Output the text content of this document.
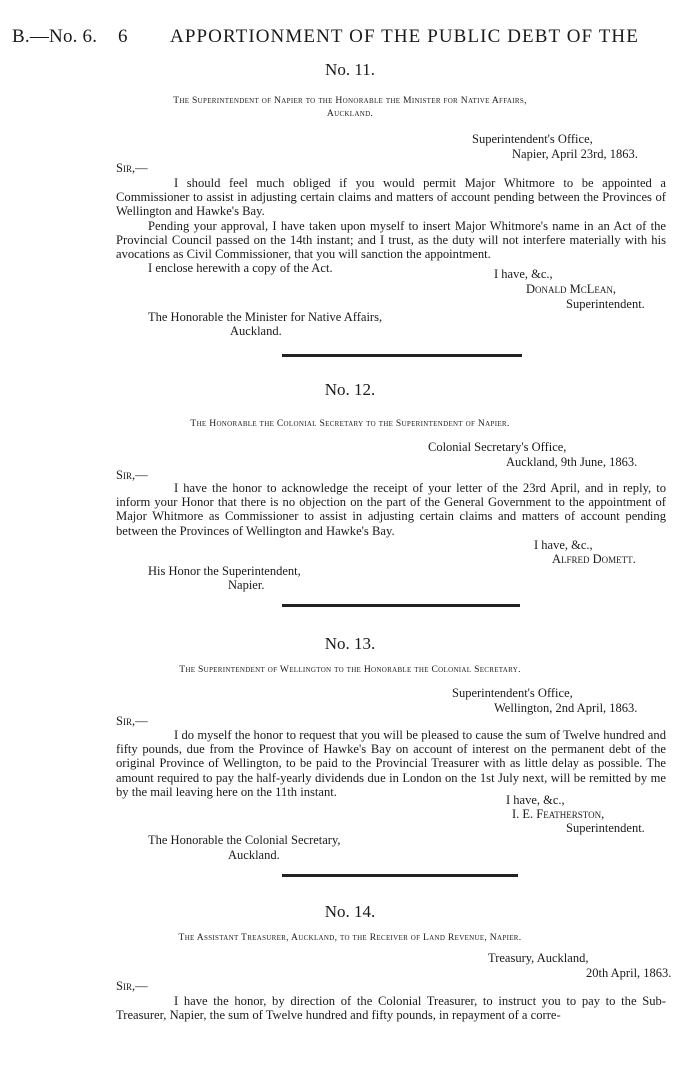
B.—No. 6. 6 APPORTIONMENT OF THE PUBLIC DEBT OF THE
No. 11.
The Superintendent of Napier to the Honorable the Minister for Native Affairs, Auckland.
Superintendent's Office,
Napier, April 23rd, 1863.
Sir,—

I should feel much obliged if you would permit Major Whitmore to be appointed a Commissioner to assist in adjusting certain claims and matters of account pending between the Provinces of Wellington and Hawke's Bay.

Pending your approval, I have taken upon myself to insert Major Whitmore's name in an Act of the Provincial Council passed on the 14th instant; and I trust, as the duty will not interfere materially with his avocations as Civil Commissioner, that you will sanction the appointment.

I enclose herewith a copy of the Act.	I have, &c.,
Donald McLean,
Superintendent.
The Honorable the Minister for Native Affairs,
Auckland.
No. 12.
The Honorable the Colonial Secretary to the Superintendent of Napier.
Colonial Secretary's Office,
Auckland, 9th June, 1863.
Sir,—

I have the honor to acknowledge the receipt of your letter of the 23rd April, and in reply, to inform your Honor that there is no objection on the part of the General Government to the appointment of Major Whitmore as Commissioner to assist in adjusting certain claims and matters of account pending between the Provinces of Wellington and Hawke's Bay.

I have, &c.,
Alfred Domett.
His Honor the Superintendent,
Napier.
No. 13.
The Superintendent of Wellington to the Honorable the Colonial Secretary.
Superintendent's Office,
Wellington, 2nd April, 1863.
Sir,—

I do myself the honor to request that you will be pleased to cause the sum of Twelve hundred and fifty pounds, due from the Province of Hawke's Bay on account of interest on the permanent debt of the original Province of Wellington, to be paid to the Provincial Treasurer with as little delay as possible. The amount required to pay the half-yearly dividends due in London on the 1st July next, will be remitted by me by the mail leaving here on the 11th instant.

I have, &c.,
I. E. Featherston,
Superintendent.
The Honorable the Colonial Secretary,
Auckland.
No. 14.
The Assistant Treasurer, Auckland, to the Receiver of Land Revenue, Napier.
Treasury, Auckland,
20th April, 1863.
Sir,—

I have the honor, by direction of the Colonial Treasurer, to instruct you to pay to the Sub-Treasurer, Napier, the sum of Twelve hundred and fifty pounds, in repayment of a corre-
